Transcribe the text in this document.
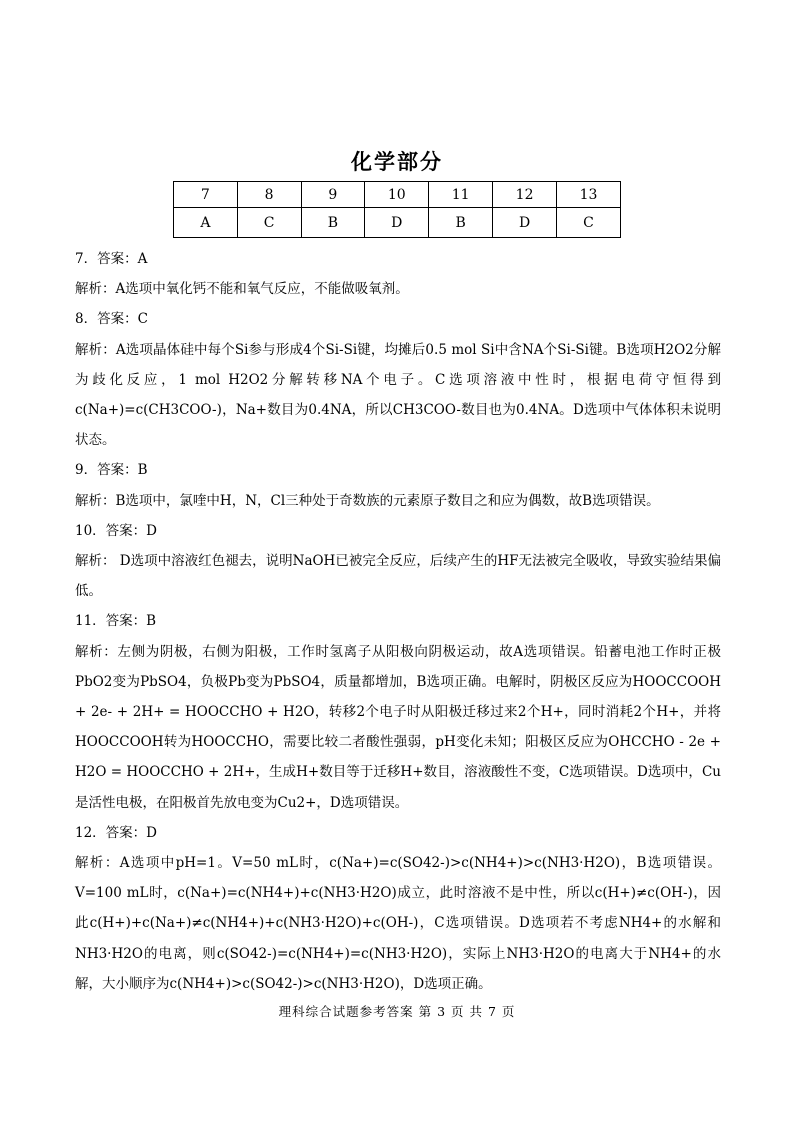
化学部分
7	8	9	10	11	12	13
A	C	B	D	B	D	C

7．答案：A

解析：A选项中氧化钙不能和氧气反应，不能做吸氧剂。

8．答案：C

解析：A选项晶体硅中每个Si参与形成4个Si-Si键，均摊后0.5 mol Si中含NA个Si-Si键。B选项H2O2分解为歧化反应，1 mol H2O2分解转移NA个电子。C选项溶液中性时，根据电荷守恒得到c(Na+)=c(CH3COO-)，Na+数目为0.4NA，所以CH3COO-数目也为0.4NA。D选项中气体体积未说明状态。

9．答案：B

解析：B选项中，氯喹中H，N，Cl三种处于奇数族的元素原子数目之和应为偶数，故B选项错误。

10．答案：D

解析： D选项中溶液红色褪去，说明NaOH已被完全反应，后续产生的HF无法被完全吸收，导致实验结果偏低。

11．答案：B

解析：左侧为阴极，右侧为阳极，工作时氢离子从阳极向阴极运动，故A选项错误。铅蓄电池工作时正极PbO2变为PbSO4，负极Pb变为PbSO4，质量都增加，B选项正确。电解时，阴极区反应为HOOCCOOH + 2e- + 2H+ = HOOCCHO + H2O，转移2个电子时从阳极迁移过来2个H+，同时消耗2个H+，并将HOOCCOOH转为HOOCCHO，需要比较二者酸性强弱，pH变化未知；阳极区反应为OHCCHO - 2e + H2O = HOOCCHO + 2H+，生成H+数目等于迁移H+数目，溶液酸性不变，C选项错误。D选项中，Cu是活性电极，在阳极首先放电变为Cu2+，D选项错误。

12．答案：D

解析：A选项中pH=1。V=50 mL时，c(Na+)=c(SO42-)>c(NH4+)>c(NH3·H2O)，B选项错误。V=100 mL时，c(Na+)=c(NH4+)+c(NH3·H2O)成立，此时溶液不是中性，所以c(H+)≠c(OH-)，因此c(H+)+c(Na+)≠c(NH4+)+c(NH3·H2O)+c(OH-)，C选项错误。D选项若不考虑NH4+的水解和NH3·H2O的电离，则c(SO42-)=c(NH4+)=c(NH3·H2O)，实际上NH3·H2O的电离大于NH4+的水解，大小顺序为c(NH4+)>c(SO42-)>c(NH3·H2O)，D选项正确。

理科综合试题参考答案 第 3 页 共 7 页
